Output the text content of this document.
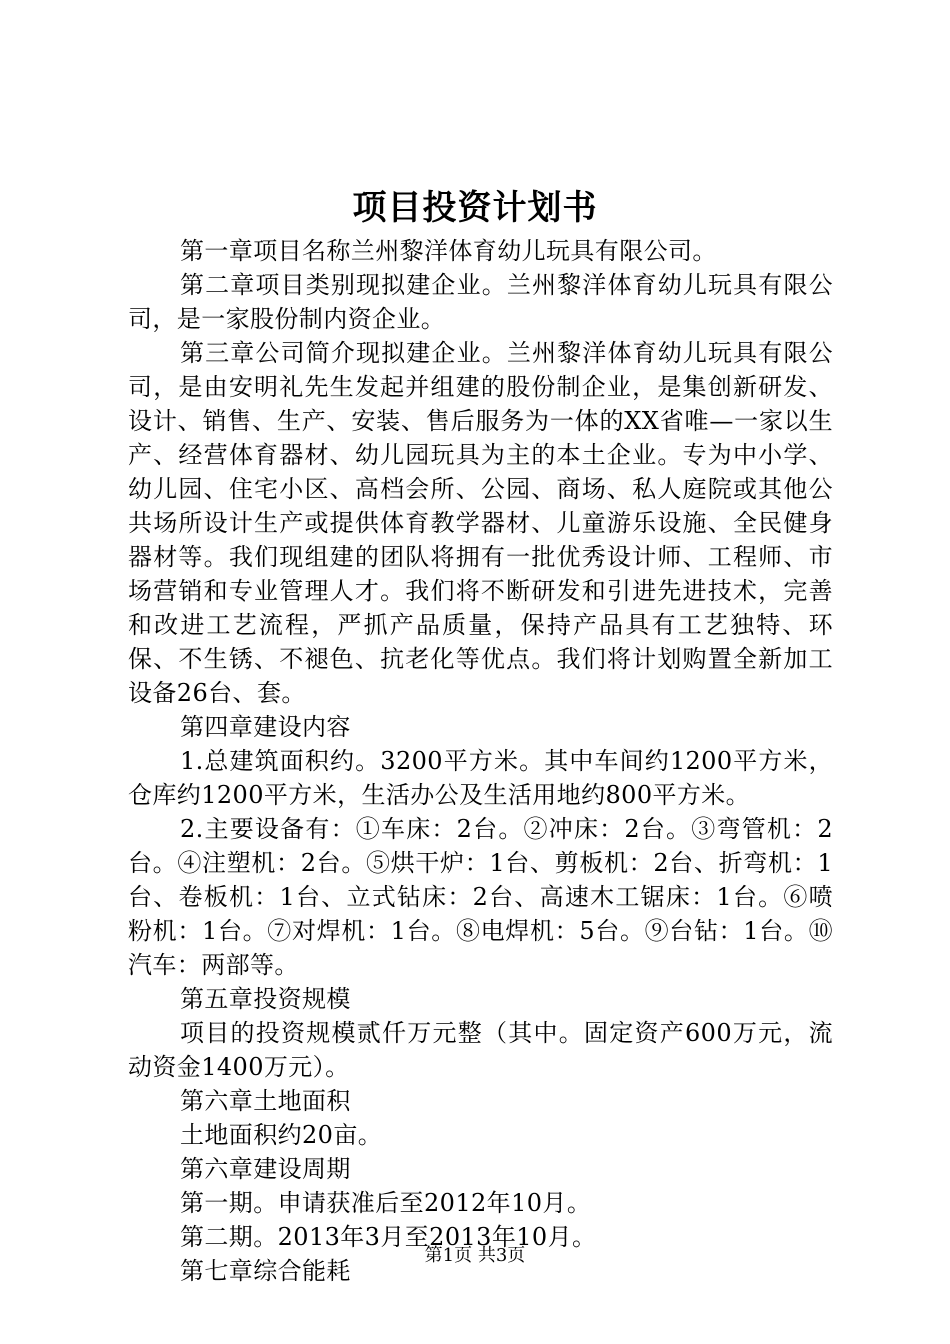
项目投资计划书

第一章项目名称兰州黎洋体育幼儿玩具有限公司。

第二章项目类别现拟建企业。兰州黎洋体育幼儿玩具有限公司，是一家股份制内资企业。

第三章公司简介现拟建企业。兰州黎洋体育幼儿玩具有限公司，是由安明礼先生发起并组建的股份制企业，是集创新研发、设计、销售、生产、安装、售后服务为一体的XX省唯—一家以生产、经营体育器材、幼儿园玩具为主的本土企业。专为中小学、幼儿园、住宅小区、高档会所、公园、商场、私人庭院或其他公共场所设计生产或提供体育教学器材、儿童游乐设施、全民健身器材等。我们现组建的团队将拥有一批优秀设计师、工程师、市场营销和专业管理人才。我们将不断研发和引进先进技术，完善和改进工艺流程，严抓产品质量，保持产品具有工艺独特、环保、不生锈、不褪色、抗老化等优点。我们将计划购置全新加工设备26台、套。

第四章建设内容

1.总建筑面积约。3200平方米。其中车间约1200平方米，仓库约1200平方米，生活办公及生活用地约800平方米。

2.主要设备有：①车床：2台。②冲床：2台。③弯管机：2台。④注塑机：2台。⑤烘干炉：1台、剪板机：2台、折弯机：1台、卷板机：1台、立式钻床：2台、高速木工锯床：1台。⑥喷粉机：1台。⑦对焊机：1台。⑧电焊机：5台。⑨台钻：1台。⑩汽车：两部等。

第五章投资规模

项目的投资规模贰仟万元整（其中。固定资产600万元，流动资金1400万元）。

第六章土地面积

土地面积约20亩。

第六章建设周期

第一期。申请获准后至2012年10月。

第二期。2013年3月至2013年10月。

第七章综合能耗

第1页 共3页
